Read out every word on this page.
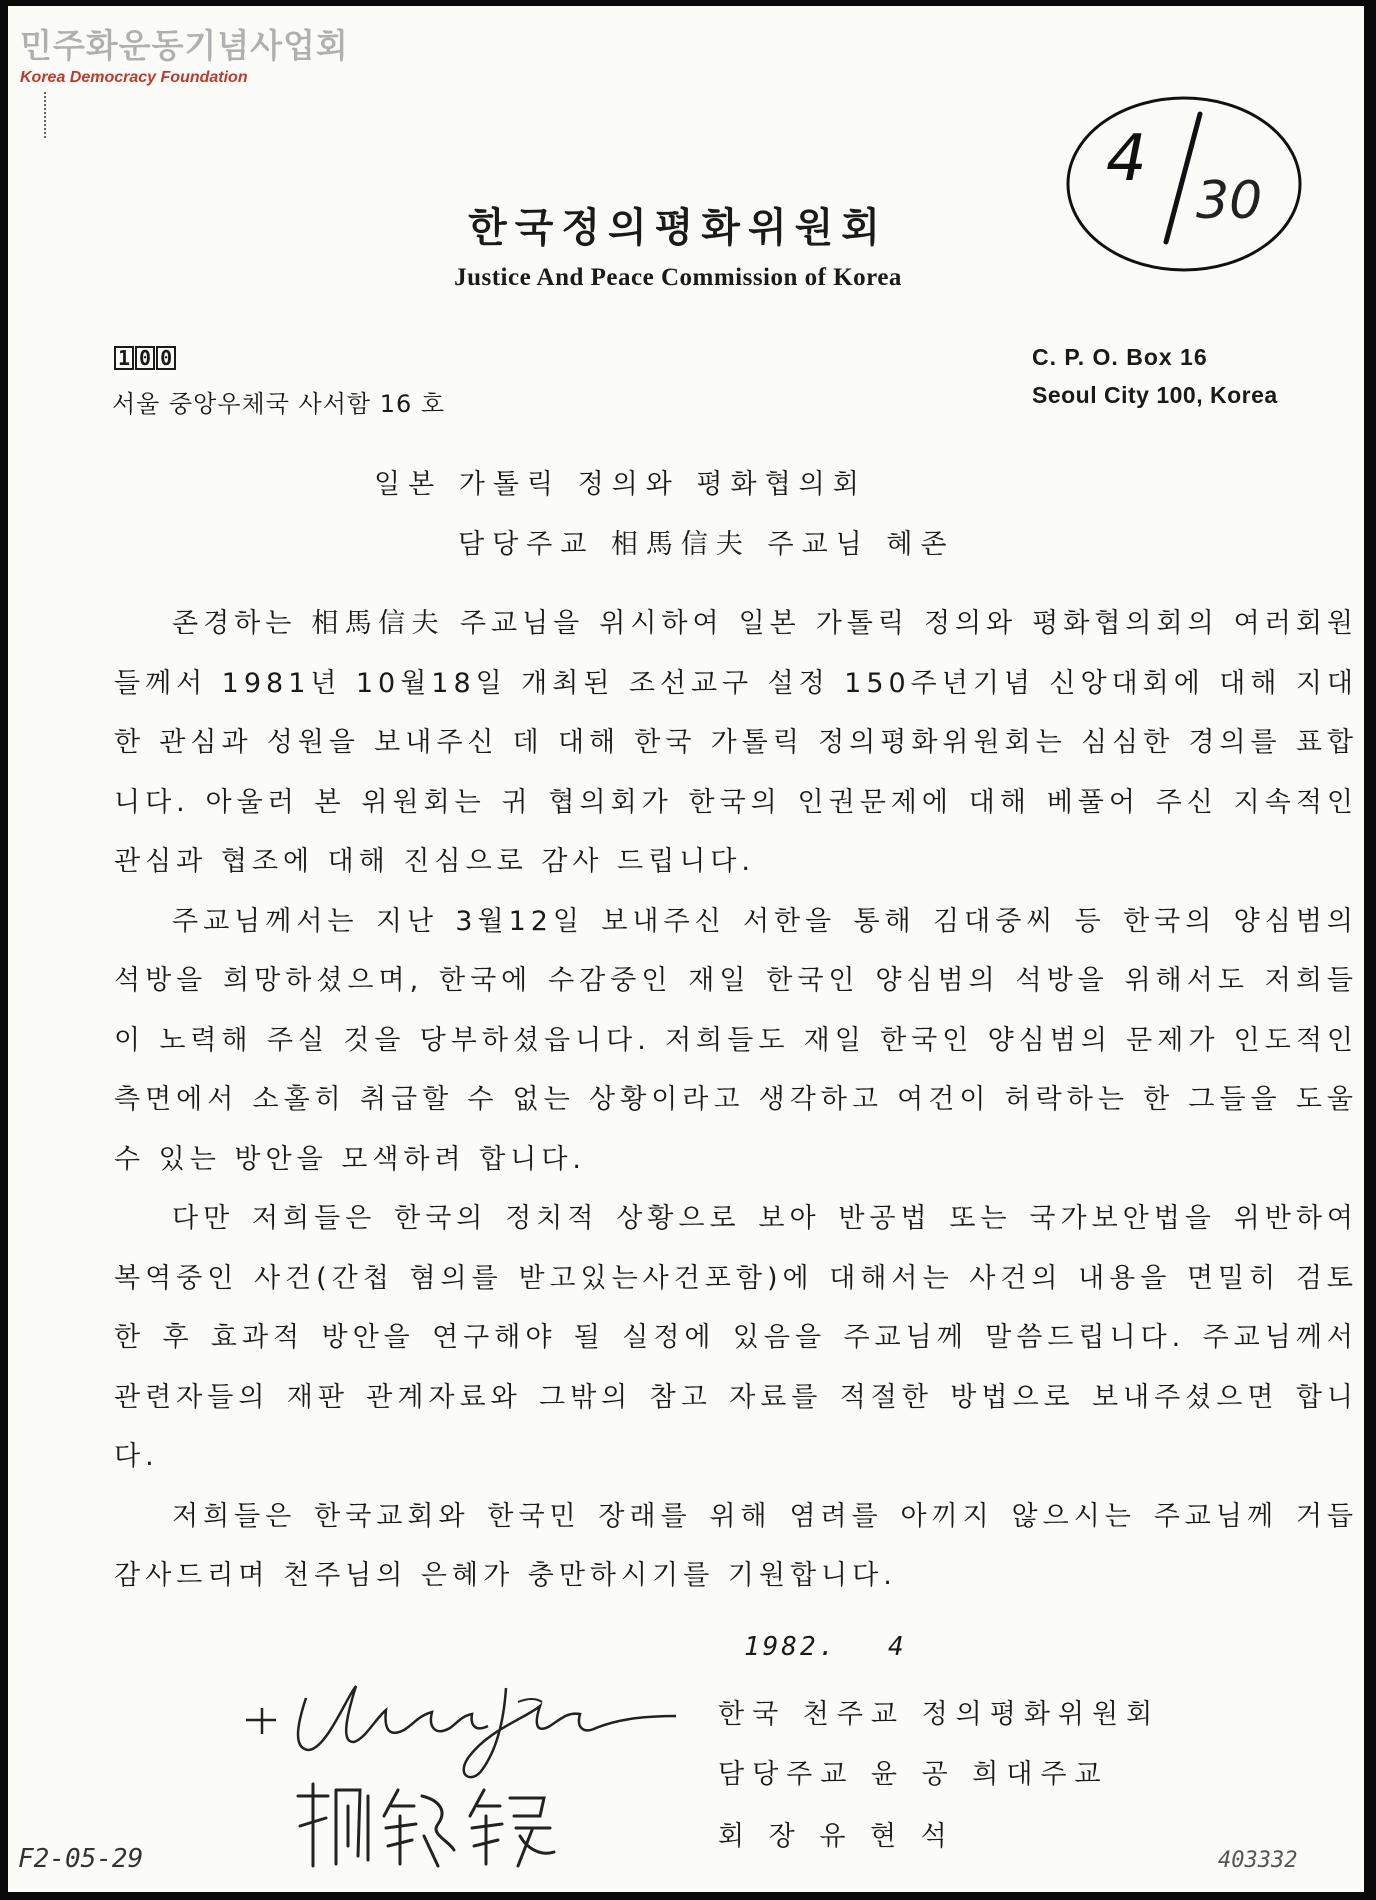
민주화운동기념사업회
Korea Democracy Foundation
4
30
한국정의평화위원회
Justice And Peace Commission of Korea
1 0 0
서울 중앙우체국 사서함 16 호
C. P. O. Box 16
Seoul City 100, Korea
일본 가톨릭 정의와 평화협의회
담당주교 相馬信夫 주교님 혜존

존경하는 相馬信夫 주교님을 위시하여 일본 가톨릭 정의와 평화협의회의 여러회원들께서 1981년 10월18일 개최된 조선교구 설정 150주년기념 신앙대회에 대해 지대한 관심과 성원을 보내주신 데 대해 한국 가톨릭 정의평화위원회는 심심한 경의를 표합니다. 아울러 본 위원회는 귀 협의회가 한국의 인권문제에 대해 베풀어 주신 지속적인 관심과 협조에 대해 진심으로 감사 드립니다.

주교님께서는 지난 3월12일 보내주신 서한을 통해 김대중씨 등 한국의 양심범의 석방을 희망하셨으며, 한국에 수감중인 재일 한국인 양심범의 석방을 위해서도 저희들이 노력해 주실 것을 당부하셨읍니다. 저희들도 재일 한국인 양심범의 문제가 인도적인 측면에서 소홀히 취급할 수 없는 상황이라고 생각하고 여건이 허락하는 한 그들을 도울 수 있는 방안을 모색하려 합니다.

다만 저희들은 한국의 정치적 상황으로 보아 반공법 또는 국가보안법을 위반하여 복역중인 사건(간첩 혐의를 받고있는사건포함)에 대해서는 사건의 내용을 면밀히 검토한 후 효과적 방안을 연구해야 될 실정에 있음을 주교님께 말씀드립니다. 주교님께서 관련자들의 재판 관계자료와 그밖의 참고 자료를 적절한 방법으로 보내주셨으면 합니다.

저희들은 한국교회와 한국민 장래를 위해 염려를 아끼지 않으시는 주교님께 거듭 감사드리며 천주님의 은혜가 충만하시기를 기원합니다.

1982. 4
한국 천주교 정의평화위원회
담당주교 윤 공 희대주교
회 장 유 현 석
F2-05-29	403332
